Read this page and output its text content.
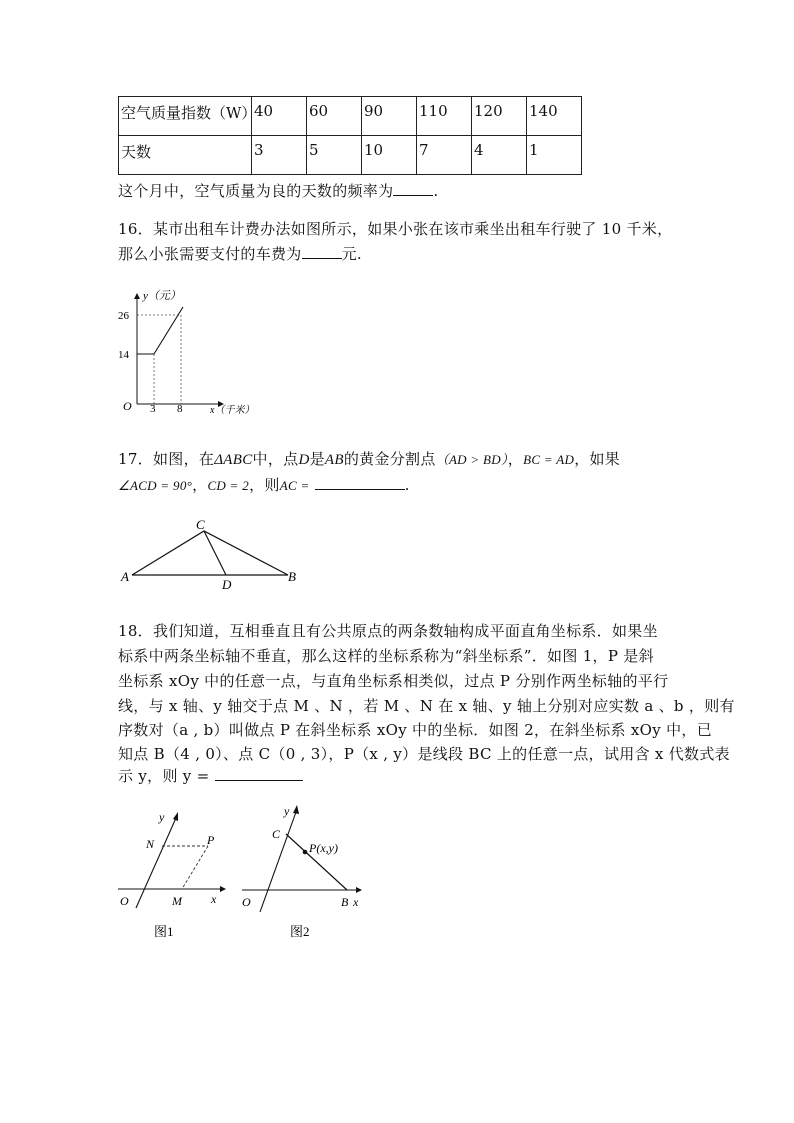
空气质量指数（W）	40	60	90	110	120	140

天数	3	5	10	7	4	1
这个月中，空气质量为良的天数的频率为	.
16．某市出租车计费办法如图所示，如果小张在该市乘坐出租车行驶了 10 千米，
那么小张需要支付的车费为	元.
y（元）
26
14
O 3 8	x（千米）
17．如图，在ΔABC中，点D是AB的黄金分割点（AD > BD），BC = AD，如果
∠ACD = 90°，CD = 2，则AC =	.
C
A
D
B
18．我们知道，互相垂直且有公共原点的两条数轴构成平面直角坐标系．如果坐
标系中两条坐标轴不垂直，那么这样的坐标系称为“斜坐标系”．如图 1，P 是斜
坐标系 xOy 中的任意一点，与直角坐标系相类似，过点 P 分别作两坐标轴的平行
线，与 x 轴、y 轴交于点 M 、N ，若 M 、N 在 x 轴、y 轴上分别对应实数 a 、b ，则有
序数对（a , b）叫做点 P 在斜坐标系 xOy 中的坐标．如图 2，在斜坐标系 xOy 中，已
知点 B（4 , 0）、点 C（0 , 3），P（x , y）是线段 BC 上的任意一点，试用含 x 代数式表
示 y，则 y =
y
N	P
O	M x
图1
y
C
P(x,y)
O	B x
图2
